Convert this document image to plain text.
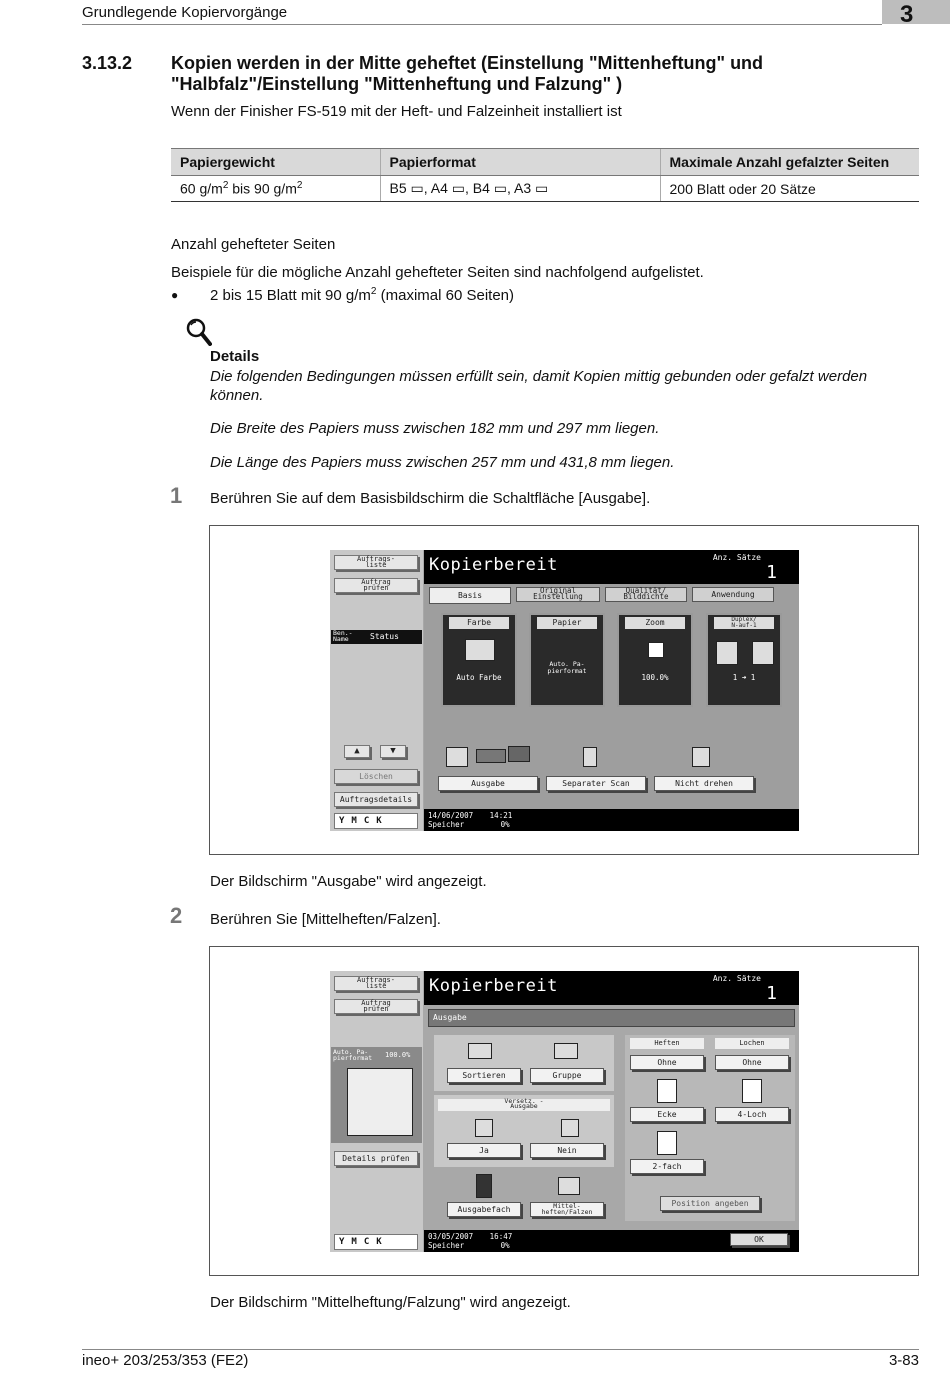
Grundlegende Kopiervorgänge	3
3.13.2 Kopien werden in der Mitte geheftet (Einstellung "Mittenheftung" und "Halbfalz"/Einstellung "Mittenheftung und Falzung" )
Wenn der Finisher FS-519 mit der Heft- und Falzeinheit installiert ist
Papiergewicht	Papierformat	Maximale Anzahl gefalzter Seiten
60 $g/m^2$ bis 90 $g/m^2$	B5 ▭, A4 ▭, B4 ▭, A3 ▭	200 Blatt oder 20 Sätze
Anzahl gehefteter Seiten
Beispiele für die mögliche Anzahl gehefteter Seiten sind nachfolgend aufgelistet.
● 2 bis 15 Blatt mit 90 $g/m^2$ (maximal 60 Seiten)
Details
Die folgenden Bedingungen müssen erfüllt sein, damit Kopien mittig gebunden oder gefalzt werden können.
Die Breite des Papiers muss zwischen 182 mm und 297 mm liegen.
Die Länge des Papiers muss zwischen 257 mm und 431,8 mm liegen.
1 Berühren Sie auf dem Basisbildschirm die Schaltfläche [Ausgabe].
Auftrags-
liste
Auftrag
prüfen
Ben.-
Name	Status
▲	▼
Löschen
Auftragsdetails
YMCK
Kopierbereit	Anz. Sätze
1
Basis
Original
Einstellung
Qualität/
Bilddichte	Anwendung
Farbe
Auto Farbe
Papier
Auto. Pa-
pierformat
Zoom
100.0%
Duplex/
N-auf-1
1 ➜ 1
Ausgabe	Separater Scan	Nicht drehen
14/06/2007 14:21
Speicher	0%
Der Bildschirm "Ausgabe" wird angezeigt.
2 Berühren Sie [Mittelheften/Falzen].
Auftrags-
liste
Auftrag
prüfen
Auto. Pa-
pierformat 100.0%
Details prüfen
YMCK
Kopierbereit	Anz. Sätze
1
Ausgabe
Sortieren	Gruppe
Versetz. -
Ausgabe
Ja	Nein
Heften	Lochen
Ohne	Ohne
Ecke	4-Loch
2-fach
Position angeben
Ausgabefach	Mittel-
heften/Falzen
03/05/2007 16:47
Speicher	0%
OK
Der Bildschirm "Mittelheftung/Falzung" wird angezeigt.
ineo+ 203/253/353 (FE2)	3-83
